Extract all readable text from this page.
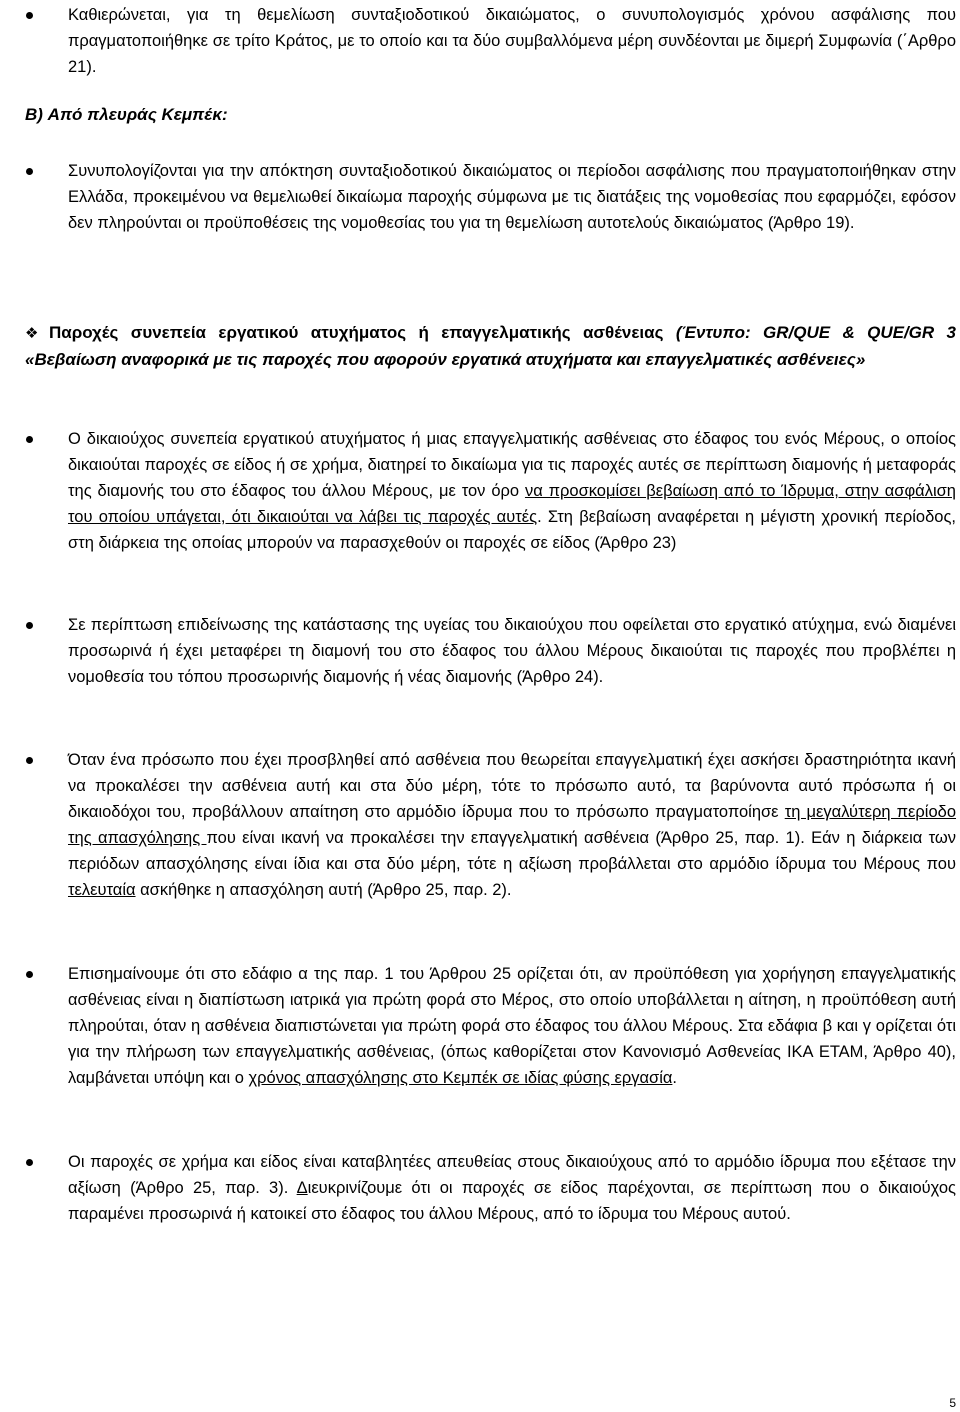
Καθιερώνεται, για τη θεμελίωση συνταξιοδοτικού δικαιώματος, ο συνυπολογισμός χρόνου ασφάλισης που πραγματοποιήθηκε σε τρίτο Κράτος, με το οποίο και τα δύο συμβαλλόμενα μέρη συνδέονται με διμερή Συμφωνία (΄Αρθρο 21).
B) Από πλευράς Κεμπέκ:
Συνυπολογίζονται για την απόκτηση συνταξιοδοτικού δικαιώματος οι περίοδοι ασφάλισης που πραγματοποιήθηκαν στην Ελλάδα, προκειμένου να θεμελιωθεί δικαίωμα παροχής σύμφωνα με τις διατάξεις της νομοθεσίας που εφαρμόζει, εφόσον δεν πληρούνται οι προϋποθέσεις της νομοθεσίας του για τη θεμελίωση αυτοτελούς δικαιώματος (Άρθρο 19).
❖ Παροχές συνεπεία εργατικού ατυχήματος ή επαγγελματικής ασθένειας (Έντυπο: GR/QUE & QUE/GR 3 «Βεβαίωση αναφορικά με τις παροχές που αφορούν εργατικά ατυχήματα και επαγγελματικές ασθένειες»
Ο δικαιούχος συνεπεία εργατικού ατυχήματος ή μιας επαγγελματικής ασθένειας στο έδαφος του ενός Μέρους, ο οποίος δικαιούται παροχές σε είδος ή σε χρήμα, διατηρεί το δικαίωμα για τις παροχές αυτές σε περίπτωση διαμονής ή μεταφοράς της διαμονής του στο έδαφος του άλλου Μέρους, με τον όρο να προσκομίσει βεβαίωση από το Ίδρυμα, στην ασφάλιση του οποίου υπάγεται, ότι δικαιούται να λάβει τις παροχές αυτές. Στη βεβαίωση αναφέρεται η μέγιστη χρονική περίοδος, στη διάρκεια της οποίας μπορούν να παρασχεθούν οι παροχές σε είδος (Άρθρο 23)
Σε περίπτωση επιδείνωσης της κατάστασης της υγείας του δικαιούχου που οφείλεται στο εργατικό ατύχημα, ενώ διαμένει προσωρινά ή έχει μεταφέρει τη διαμονή του στο έδαφος του άλλου Μέρους δικαιούται τις παροχές που προβλέπει η νομοθεσία του τόπου προσωρινής διαμονής ή νέας διαμονής (Άρθρο 24).
Όταν ένα πρόσωπο που έχει προσβληθεί από ασθένεια που θεωρείται επαγγελματική έχει ασκήσει δραστηριότητα ικανή να προκαλέσει την ασθένεια αυτή και στα δύο μέρη, τότε το πρόσωπο αυτό, τα βαρύνοντα αυτό πρόσωπα ή οι δικαιοδόχοι του, προβάλλουν απαίτηση στο αρμόδιο ίδρυμα που το πρόσωπο πραγματοποίησε τη μεγαλύτερη περίοδο της απασχόλησης που είναι ικανή να προκαλέσει την επαγγελματική ασθένεια (Άρθρο 25, παρ. 1). Εάν η διάρκεια των περιόδων απασχόλησης είναι ίδια και στα δύο μέρη, τότε η αξίωση προβάλλεται στο αρμόδιο ίδρυμα του Μέρους που τελευταία ασκήθηκε η απασχόληση αυτή (Άρθρο 25, παρ. 2).
Επισημαίνουμε ότι στο εδάφιο α της παρ. 1 του Άρθρου 25 ορίζεται ότι, αν προϋπόθεση για χορήγηση επαγγελματικής ασθένειας είναι η διαπίστωση ιατρικά για πρώτη φορά στο Μέρος, στο οποίο υποβάλλεται η αίτηση, η προϋπόθεση αυτή πληρούται, όταν η ασθένεια διαπιστώνεται για πρώτη φορά στο έδαφος του άλλου Μέρους. Στα εδάφια β και γ ορίζεται ότι για την πλήρωση των επαγγελματικής ασθένειας, (όπως καθορίζεται στον Κανονισμό Ασθενείας ΙΚΑ ΕΤΑΜ, Άρθρο 40), λαμβάνεται υπόψη και ο χρόνος απασχόλησης στο Κεμπέκ σε ιδίας φύσης εργασία.
Οι παροχές σε χρήμα και είδος είναι καταβλητέες απευθείας στους δικαιούχους από το αρμόδιο ίδρυμα που εξέτασε την αξίωση (Άρθρο 25, παρ. 3). Διευκρινίζουμε ότι οι παροχές σε είδος παρέχονται, σε περίπτωση που ο δικαιούχος παραμένει προσωρινά ή κατοικεί στο έδαφος του άλλου Μέρους, από το ίδρυμα του Μέρους αυτού.
5
